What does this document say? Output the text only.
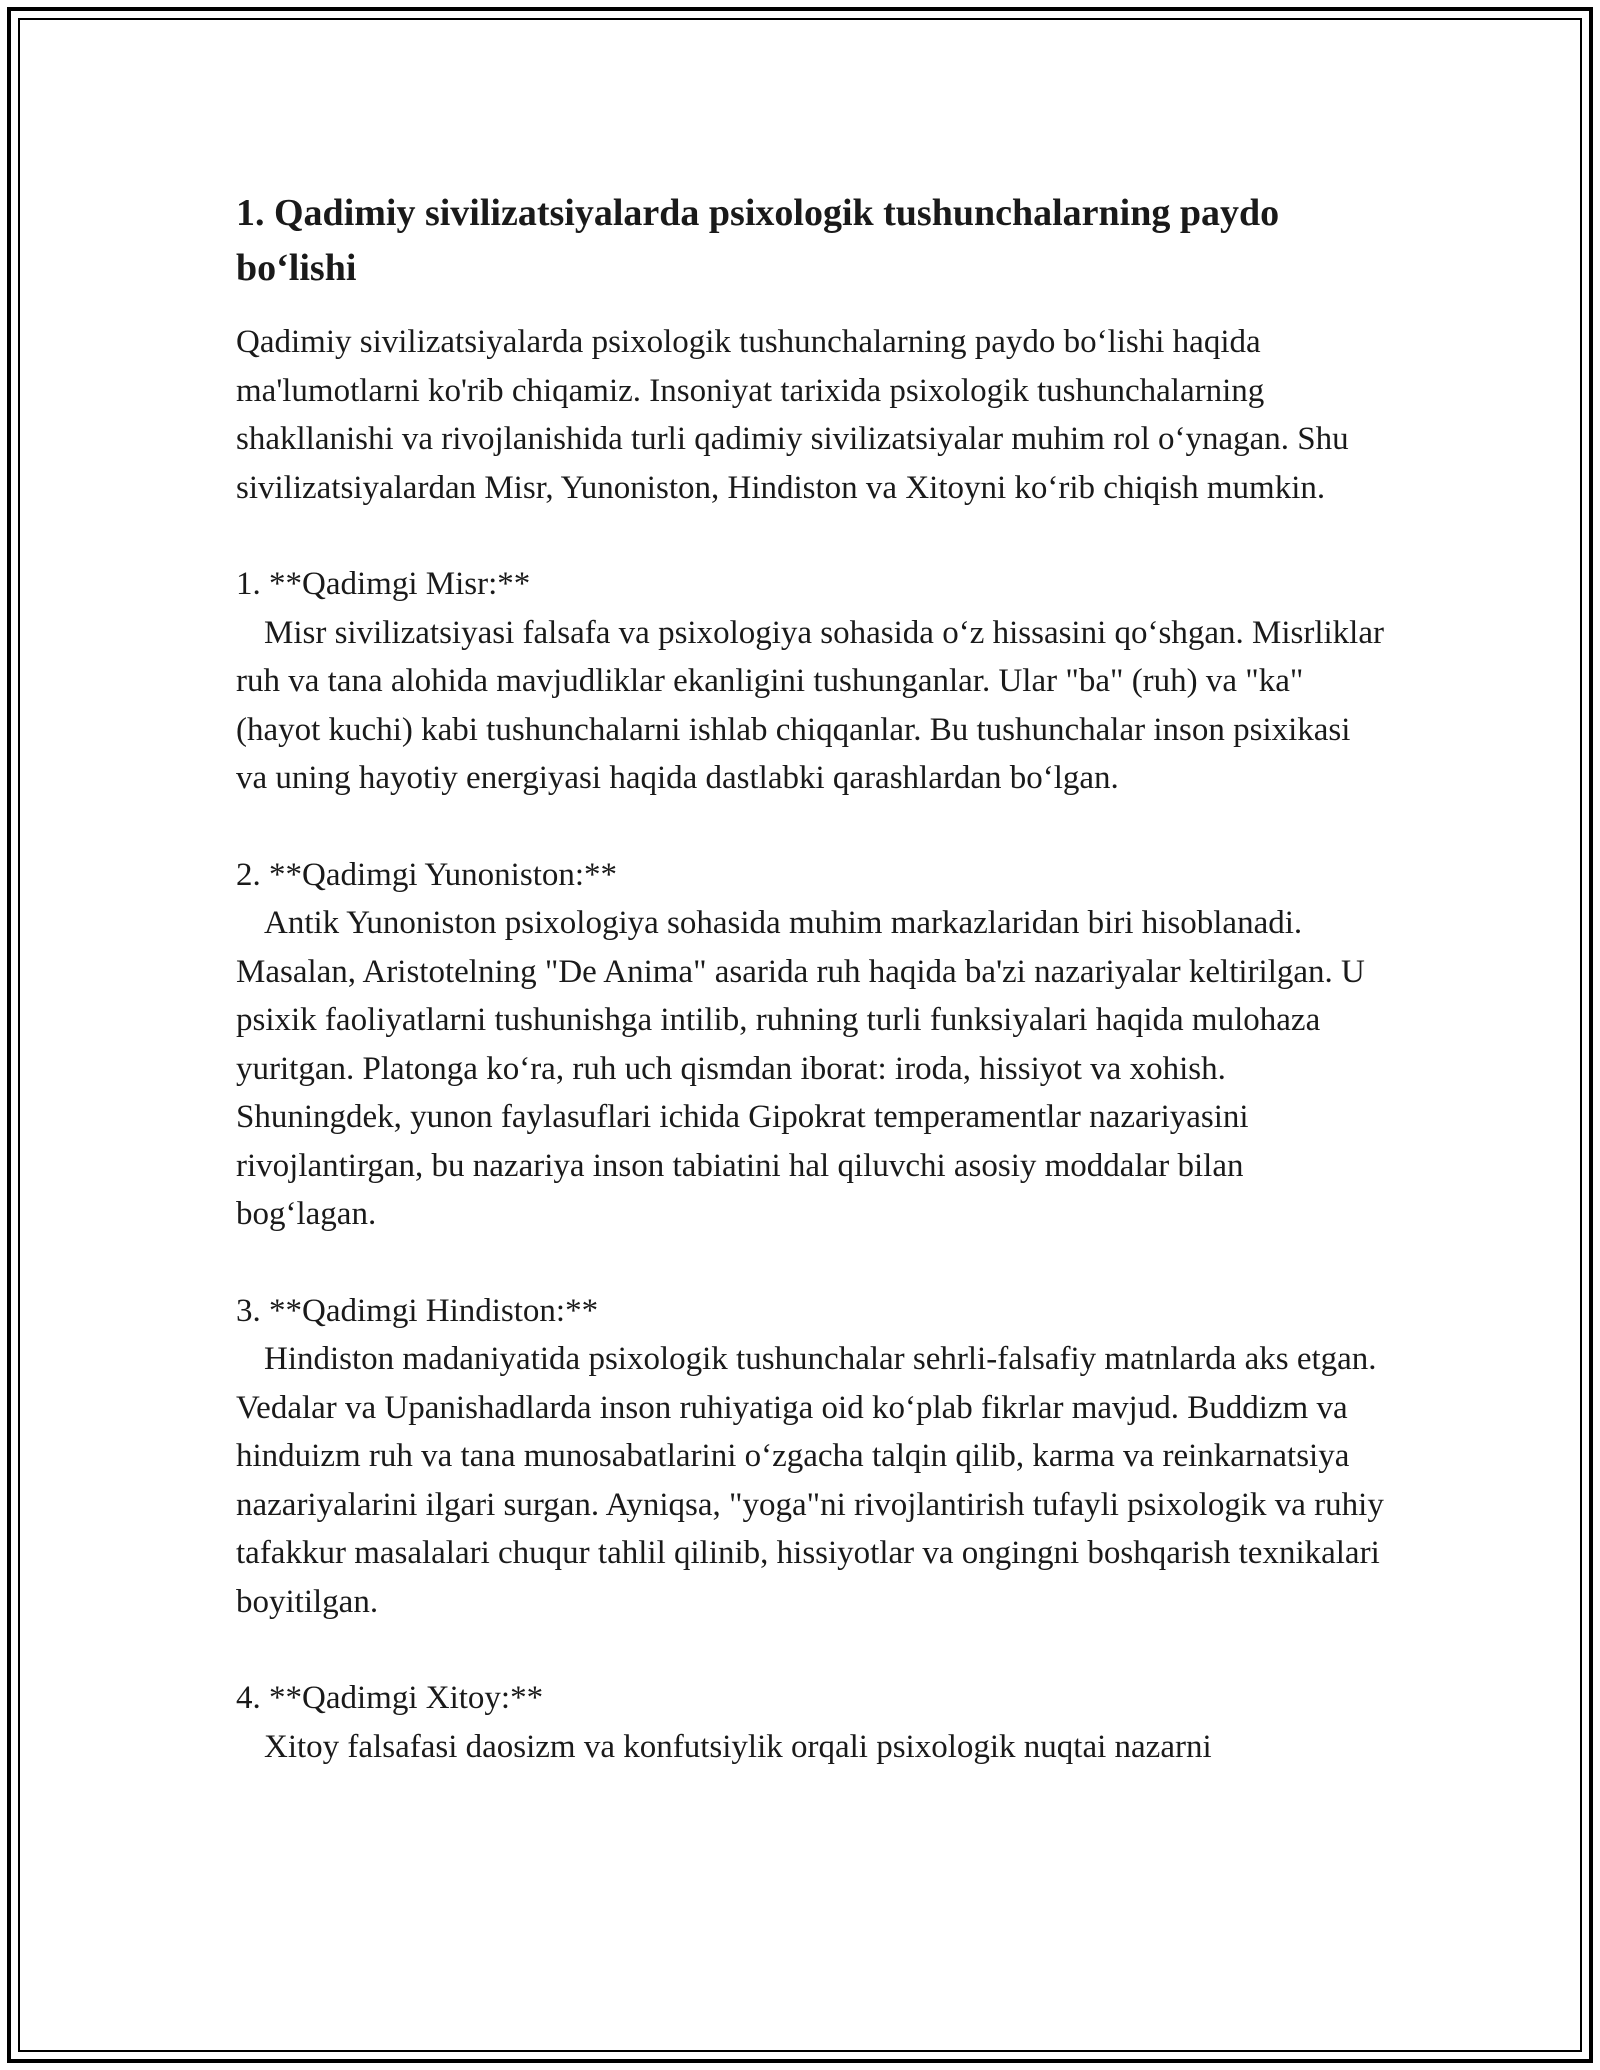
1. Qadimiy sivilizatsiyalarda psixologik tushunchalarning paydo boʻlishi

Qadimiy sivilizatsiyalarda psixologik tushunchalarning paydo boʻlishi haqida ma'lumotlarni ko'rib chiqamiz. Insoniyat tarixida psixologik tushunchalarning shakllanishi va rivojlanishida turli qadimiy sivilizatsiyalar muhim rol oʻynagan. Shu sivilizatsiyalardan Misr, Yunoniston, Hindiston va Xitoyni koʻrib chiqish mumkin.

1. **Qadimgi Misr:**

Misr sivilizatsiyasi falsafa va psixologiya sohasida oʻz hissasini qoʻshgan. Misrliklar ruh va tana alohida mavjudliklar ekanligini tushunganlar. Ular "ba" (ruh) va "ka" (hayot kuchi) kabi tushunchalarni ishlab chiqqanlar. Bu tushunchalar inson psixikasi va uning hayotiy energiyasi haqida dastlabki qarashlardan boʻlgan.

2. **Qadimgi Yunoniston:**

Antik Yunoniston psixologiya sohasida muhim markazlaridan biri hisoblanadi. Masalan, Aristotelning "De Anima" asarida ruh haqida ba'zi nazariyalar keltirilgan. U psixik faoliyatlarni tushunishga intilib, ruhning turli funksiyalari haqida mulohaza yuritgan. Platonga koʻra, ruh uch qismdan iborat: iroda, hissiyot va xohish. Shuningdek, yunon faylasuflari ichida Gipokrat temperamentlar nazariyasini rivojlantirgan, bu nazariya inson tabiatini hal qiluvchi asosiy moddalar bilan bogʻlagan.

3. **Qadimgi Hindiston:**

Hindiston madaniyatida psixologik tushunchalar sehrli-falsafiy matnlarda aks etgan. Vedalar va Upanishadlarda inson ruhiyatiga oid koʻplab fikrlar mavjud. Buddizm va hinduizm ruh va tana munosabatlarini oʻzgacha talqin qilib, karma va reinkarnatsiya nazariyalarini ilgari surgan. Ayniqsa, "yoga"ni rivojlantirish tufayli psixologik va ruhiy tafakkur masalalari chuqur tahlil qilinib, hissiyotlar va ongingni boshqarish texnikalari boyitilgan.

4. **Qadimgi Xitoy:**

Xitoy falsafasi daosizm va konfutsiylik orqali psixologik nuqtai nazarni
